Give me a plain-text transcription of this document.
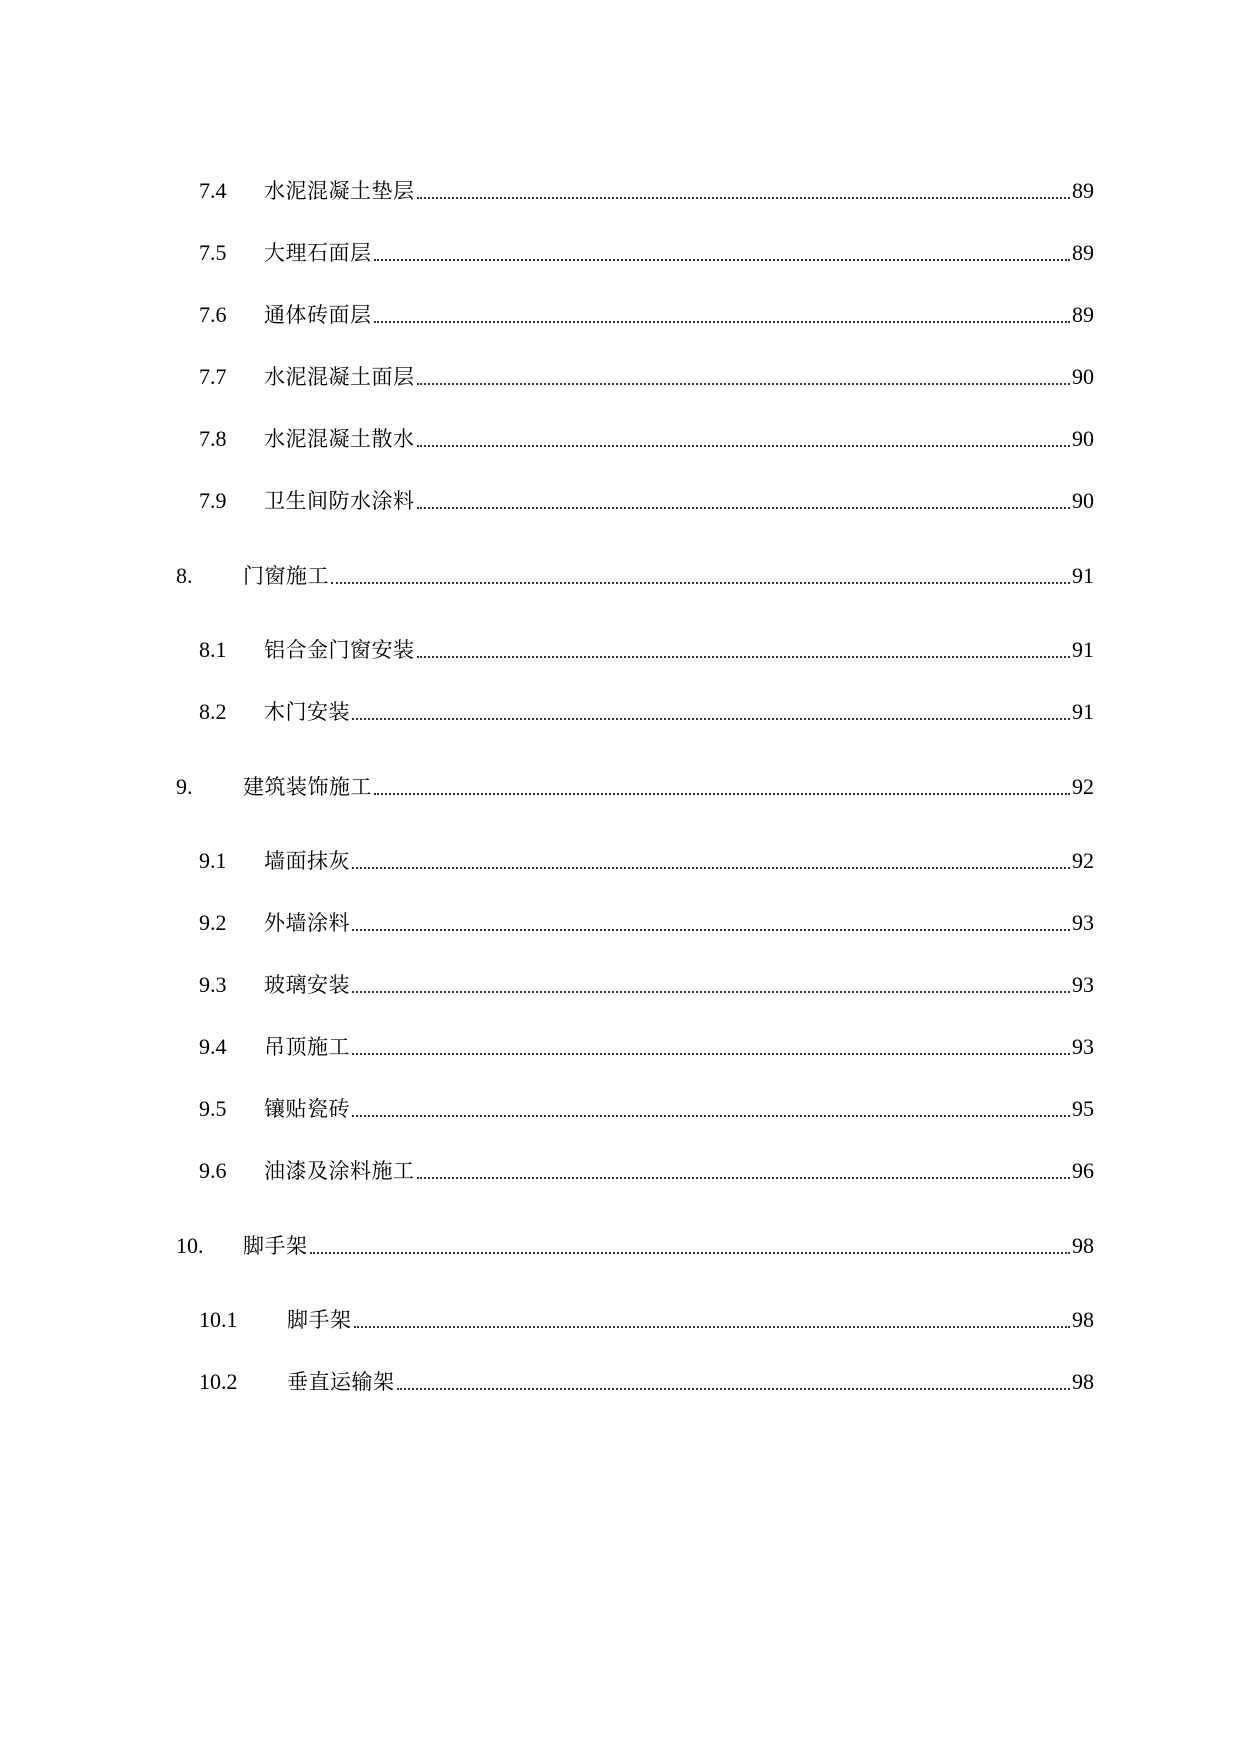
7.4	水泥混凝土垫层	89
7.5	大理石面层	89
7.6	通体砖面层	89
7.7	水泥混凝土面层	90
7.8	水泥混凝土散水	90
7.9	卫生间防水涂料	90
8.	门窗施工	91
8.1	铝合金门窗安装	91
8.2	木门安装	91
9.	建筑装饰施工	92
9.1	墙面抹灰	92
9.2	外墙涂料	93
9.3	玻璃安装	93
9.4	吊顶施工	93
9.5	镶贴瓷砖	95
9.6	油漆及涂料施工	96
10.	脚手架	98
10.1	脚手架	98
10.2	垂直运输架	98
